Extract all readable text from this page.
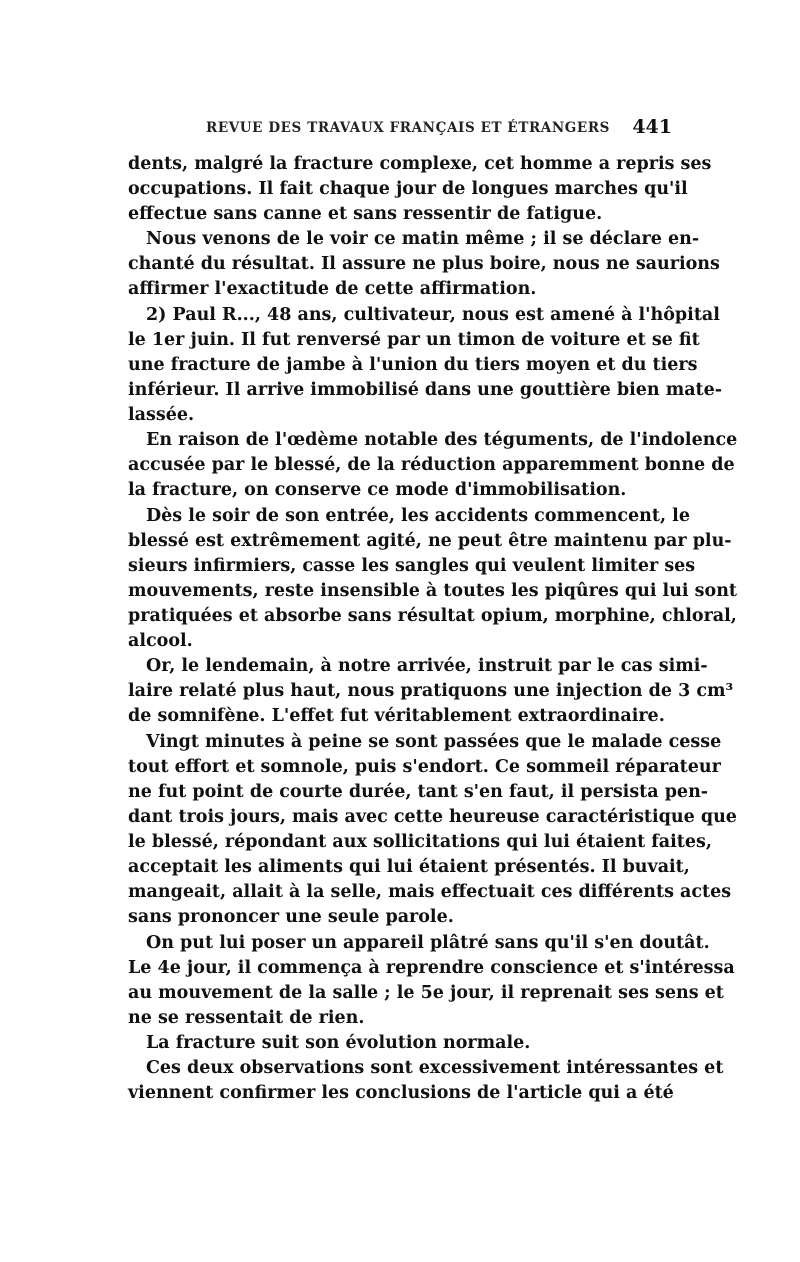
REVUE DES TRAVAUX FRANÇAIS ET ÉTRANGERS 441
dents, malgré la fracture complexe, cet homme a repris ses
occupations. Il fait chaque jour de longues marches qu'il
effectue sans canne et sans ressentir de fatigue.
Nous venons de le voir ce matin même ; il se déclare en-
chanté du résultat. Il assure ne plus boire, nous ne saurions
affirmer l'exactitude de cette affirmation.
2) Paul R..., 48 ans, cultivateur, nous est amené à l'hôpital
le 1er juin. Il fut renversé par un timon de voiture et se fit
une fracture de jambe à l'union du tiers moyen et du tiers
inférieur. Il arrive immobilisé dans une gouttière bien mate-
lassée.
En raison de l'œdème notable des téguments, de l'indolence
accusée par le blessé, de la réduction apparemment bonne de
la fracture, on conserve ce mode d'immobilisation.
Dès le soir de son entrée, les accidents commencent, le
blessé est extrêmement agité, ne peut être maintenu par plu-
sieurs infirmiers, casse les sangles qui veulent limiter ses
mouvements, reste insensible à toutes les piqûres qui lui sont
pratiquées et absorbe sans résultat opium, morphine, chloral,
alcool.
Or, le lendemain, à notre arrivée, instruit par le cas simi-
laire relaté plus haut, nous pratiquons une injection de 3 cm³
de somnifène. L'effet fut véritablement extraordinaire.
Vingt minutes à peine se sont passées que le malade cesse
tout effort et somnole, puis s'endort. Ce sommeil réparateur
ne fut point de courte durée, tant s'en faut, il persista pen-
dant trois jours, mais avec cette heureuse caractéristique que
le blessé, répondant aux sollicitations qui lui étaient faites,
acceptait les aliments qui lui étaient présentés. Il buvait,
mangeait, allait à la selle, mais effectuait ces différents actes
sans prononcer une seule parole.
On put lui poser un appareil plâtré sans qu'il s'en doutât.
Le 4e jour, il commença à reprendre conscience et s'intéressa
au mouvement de la salle ; le 5e jour, il reprenait ses sens et
ne se ressentait de rien.
La fracture suit son évolution normale.
Ces deux observations sont excessivement intéressantes et
viennent confirmer les conclusions de l'article qui a été
